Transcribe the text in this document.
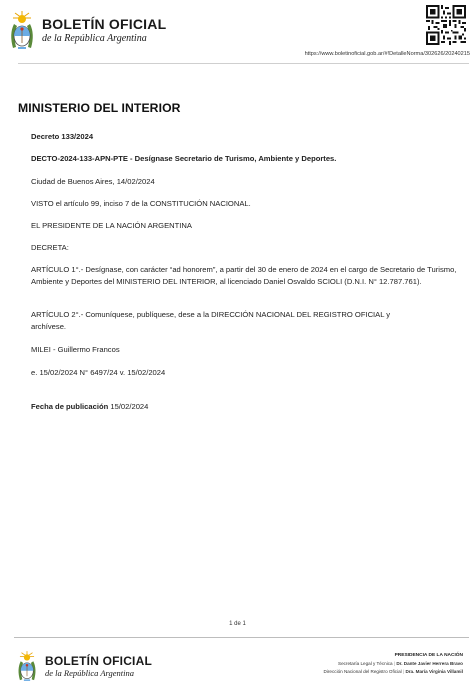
BOLETÍN OFICIAL
de la República Argentina
https://www.boletinoficial.gob.ar/#!DetalleNorma/302626/20240215
MINISTERIO DEL INTERIOR
Decreto 133/2024
DECTO-2024-133-APN-PTE - Desígnase Secretario de Turismo, Ambiente y Deportes.
Ciudad de Buenos Aires, 14/02/2024
VISTO el artículo 99, inciso 7 de la CONSTITUCIÓN NACIONAL.
EL PRESIDENTE DE LA NACIÓN ARGENTINA
DECRETA:
ARTÍCULO 1°.- Desígnase, con carácter “ad honorem”, a partir del 30 de enero de 2024 en el cargo de Secretario de Turismo, Ambiente y Deportes del MINISTERIO DEL INTERIOR, al licenciado Daniel Osvaldo SCIOLI (D.N.I. N° 12.787.761).
ARTÍCULO 2°.- Comuníquese, publíquese, dese a la DIRECCIÓN NACIONAL DEL REGISTRO OFICIAL y archívese.
MILEI - Guillermo Francos
e. 15/02/2024 N° 6497/24 v. 15/02/2024
Fecha de publicación 15/02/2024
1 de 1
BOLETÍN OFICIAL
de la República Argentina
PRESIDENCIA DE LA NACIÓN
Secretaría Legal y Técnica | Dr. Dante Javier Herrera Bravo
Dirección Nacional del Registro Oficial | Dra. María Virginia Villamil
